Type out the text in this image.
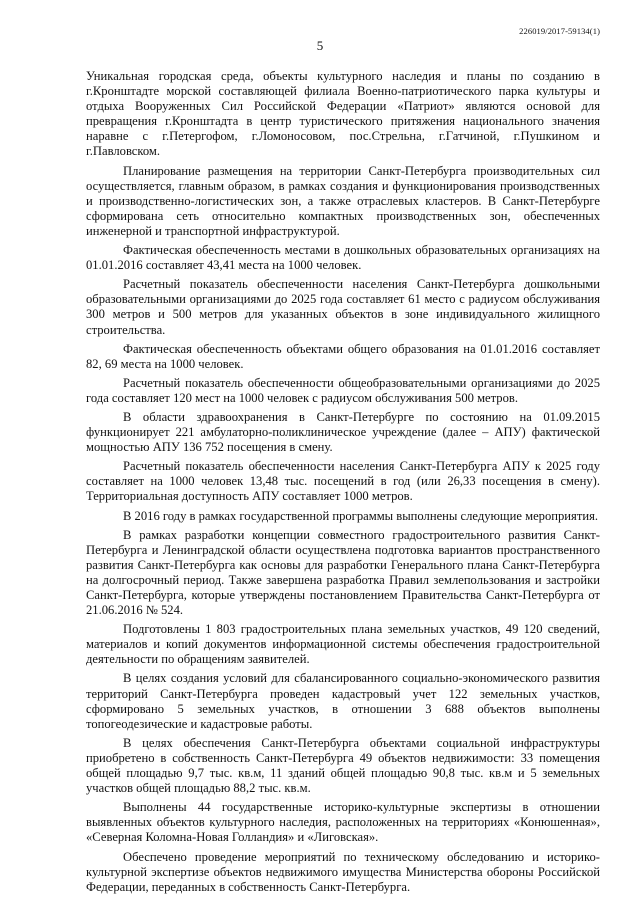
226019/2017-59134(1)
5

Уникальная городская среда, объекты культурного наследия и планы по созданию в г.Кронштадте морской составляющей филиала Военно-патриотического парка культуры и отдыха Вооруженных Сил Российской Федерации «Патриот» являются основой для превращения г.Кронштадта в центр туристического притяжения национального значения наравне с г.Петергофом, г.Ломоносовом, пос.Стрельна, г.Гатчиной, г.Пушкином и г.Павловском.

Планирование размещения на территории Санкт-Петербурга производительных сил осуществляется, главным образом, в рамках создания и функционирования производственных и производственно-логистических зон, а также отраслевых кластеров. В Санкт-Петербурге сформирована сеть относительно компактных производственных зон, обеспеченных инженерной и транспортной инфраструктурой.

Фактическая обеспеченность местами в дошкольных образовательных организациях на 01.01.2016 составляет 43,41 места на 1000 человек.

Расчетный показатель обеспеченности населения Санкт-Петербурга дошкольными образовательными организациями до 2025 года составляет 61 место с радиусом обслуживания 300 метров и 500 метров для указанных объектов в зоне индивидуального жилищного строительства.

Фактическая обеспеченность объектами общего образования на 01.01.2016 составляет 82, 69 места на 1000 человек.

Расчетный показатель обеспеченности общеобразовательными организациями до 2025 года составляет 120 мест на 1000 человек с радиусом обслуживания 500 метров.

В области здравоохранения в Санкт-Петербурге по состоянию на 01.09.2015 функционирует 221 амбулаторно-поликлиническое учреждение (далее – АПУ) фактической мощностью АПУ 136 752 посещения в смену.

Расчетный показатель обеспеченности населения Санкт-Петербурга АПУ к 2025 году составляет на 1000 человек 13,48 тыс. посещений в год (или 26,33 посещения в смену). Территориальная доступность АПУ составляет 1000 метров.

В 2016 году в рамках государственной программы выполнены следующие мероприятия.

В рамках разработки концепции совместного градостроительного развития Санкт-Петербурга и Ленинградской области осуществлена подготовка вариантов пространственного развития Санкт-Петербурга как основы для разработки Генерального плана Санкт-Петербурга на долгосрочный период. Также завершена разработка Правил землепользования и застройки Санкт-Петербурга, которые утверждены постановлением Правительства Санкт-Петербурга от 21.06.2016 № 524.

Подготовлены 1 803 градостроительных плана земельных участков, 49 120 сведений, материалов и копий документов информационной системы обеспечения градостроительной деятельности по обращениям заявителей.

В целях создания условий для сбалансированного социально-экономического развития территорий Санкт-Петербурга проведен кадастровый учет 122 земельных участков, сформировано 5 земельных участков, в отношении 3 688 объектов выполнены топогеодезические и кадастровые работы.

В целях обеспечения Санкт-Петербурга объектами социальной инфраструктуры приобретено в собственность Санкт-Петербурга 49 объектов недвижимости: 33 помещения общей площадью 9,7 тыс. кв.м, 11 зданий общей площадью 90,8 тыс. кв.м и 5 земельных участков общей площадью 88,2 тыс. кв.м.

Выполнены 44 государственные историко-культурные экспертизы в отношении выявленных объектов культурного наследия, расположенных на территориях «Конюшенная», «Северная Коломна-Новая Голландия» и «Лиговская».

Обеспечено проведение мероприятий по техническому обследованию и историко-культурной экспертизе объектов недвижимого имущества Министерства обороны Российской Федерации, переданных в собственность Санкт-Петербурга.
